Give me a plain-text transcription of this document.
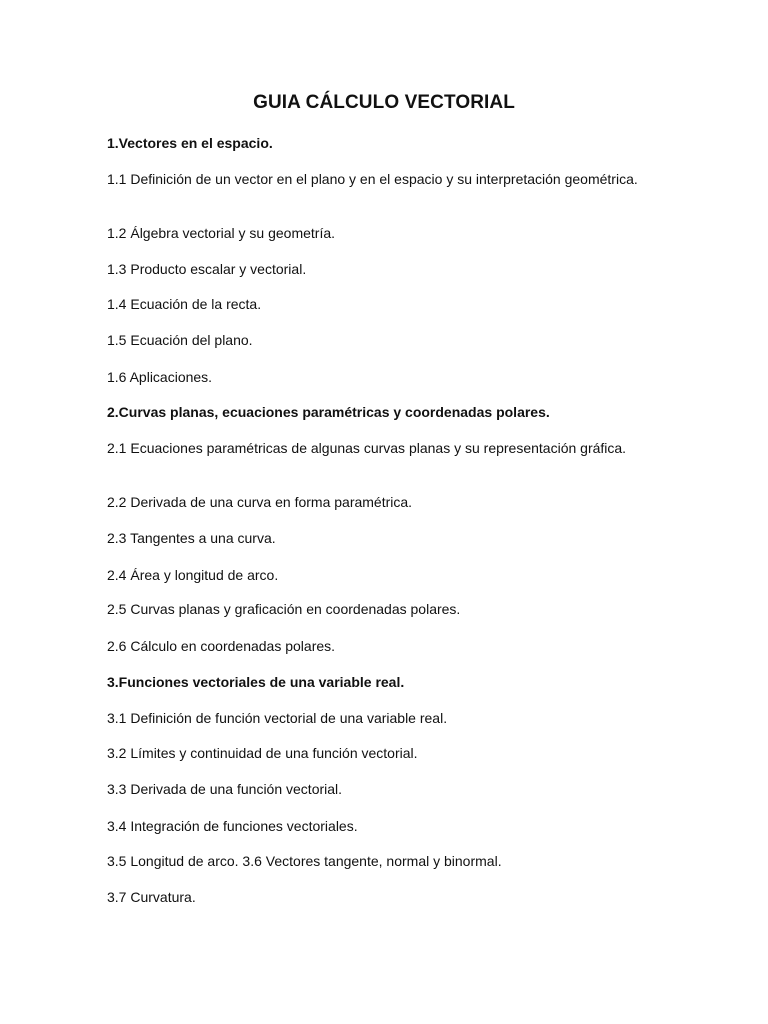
GUIA CÁLCULO VECTORIAL
1.Vectores en el espacio.
1.1 Definición de un vector en el plano y en el espacio y su interpretación geométrica.
1.2 Álgebra vectorial y su geometría.
1.3 Producto escalar y vectorial.
1.4 Ecuación de la recta.
1.5 Ecuación del plano.
1.6 Aplicaciones.
2.Curvas planas, ecuaciones paramétricas y coordenadas polares.
2.1 Ecuaciones paramétricas de algunas curvas planas y su representación gráfica.
2.2 Derivada de una curva en forma paramétrica.
2.3 Tangentes a una curva.
2.4 Área y longitud de arco.
2.5 Curvas planas y graficación en coordenadas polares.
2.6 Cálculo en coordenadas polares.
3.Funciones vectoriales de una variable real.
3.1 Definición de función vectorial de una variable real.
3.2 Límites y continuidad de una función vectorial.
3.3 Derivada de una función vectorial.
3.4 Integración de funciones vectoriales.
3.5 Longitud de arco. 3.6 Vectores tangente, normal y binormal.
3.7 Curvatura.
